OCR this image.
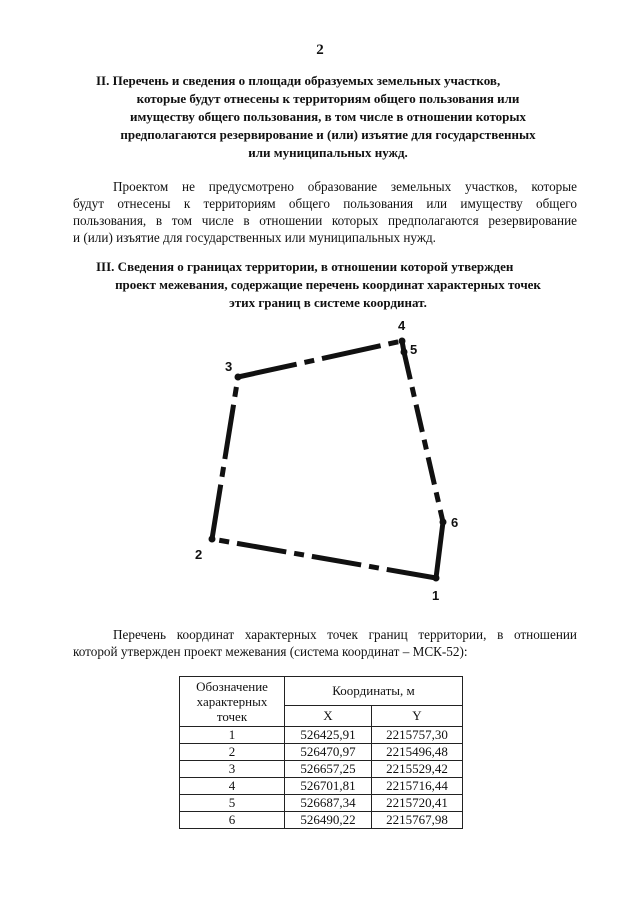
2
II. Перечень и сведения о площади образуемых земельных участков,
которые будут отнесены к территориям общего пользования или
имуществу общего пользования, в том числе в отношении которых
предполагаются резервирование и (или) изъятие для государственных
или муниципальных нужд.
Проектом не предусмотрено образование земельных участков, которые
будут отнесены к территориям общего пользования или имуществу общего
пользования, в том числе в отношении которых предполагаются резервирование
и (или) изъятие для государственных или муниципальных нужд.
III. Сведения о границах территории, в отношении которой утвержден
проект межевания, содержащие перечень координат характерных точек
этих границ в системе координат.
1
2
3
4
5
6
Перечень координат характерных точек границ территории, в отношении
которой утвержден проект межевания (система координат – МСК-52):
Обозначение
характерных
точек	Координаты, м	
	X	Y
1	526425,91	2215757,30
2	526470,97	2215496,48
3	526657,25	2215529,42
4	526701,81	2215716,44
5	526687,34	2215720,41
6	526490,22	2215767,98
